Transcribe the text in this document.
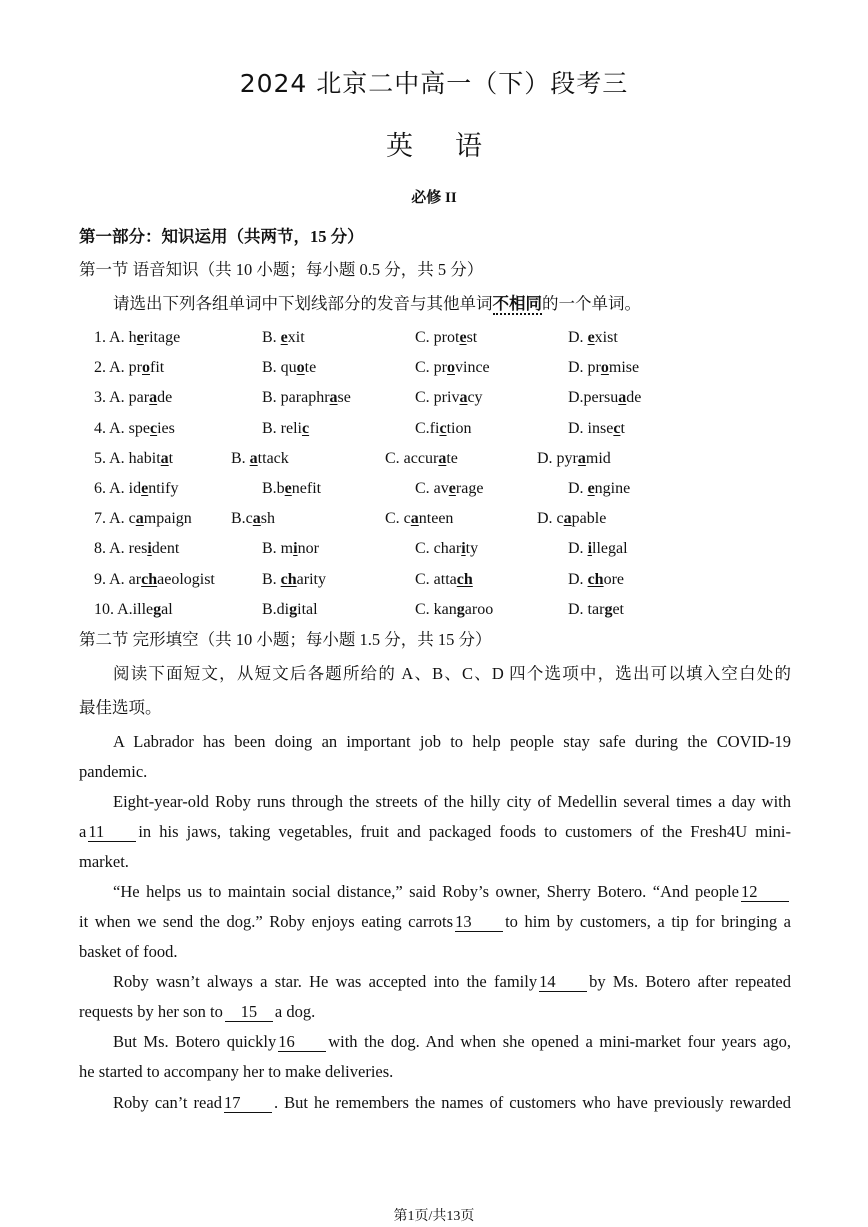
2024 北京二中高一（下）段考三
英语
必修 II
第一部分：知识运用（共两节，15 分）
第一节 语音知识（共 10 小题；每小题 0.5 分，共 5 分）
请选出下列各组单词中下划线部分的发音与其他单词不相同的一个单词。
1. A. heritage	B. exit	C. protest	D. exist
2. A. profit	B. quote	C. province	D. promise
3. A. parade	B. paraphrase	C. privacy	D.persuade
4. A. species	B. relic	C.fiction	D. insect
5. A. habitat	B. attack	C. accurate	D. pyramid
6. A. identify	B.benefit	C. average	D. engine
7. A. campaign B.cash	C. canteen	D. capable
8. A. resident	B. minor	C. charity	D. illegal
9. A. archaeologist	B. charity	C. attach	D. chore
10. A.illegal	B.digital	C. kangaroo	D. target
第二节 完形填空（共 10 小题；每小题 1.5 分，共 15 分）
阅读下面短文，从短文后各题所给的 A、B、C、D 四个选项中，选出可以填入空白处的
最佳选项。
A Labrador has been doing an important job to help people stay safe during the COVID-19
pandemic.
Eight-year-old Roby runs through the streets of the hilly city of Medellin several times a day with
a 11 in his jaws, taking vegetables, fruit and packaged foods to customers of the Fresh4U mini-
market.
“He helps us to maintain social distance,” said Roby’s owner, Sherry Botero. “And people 12
it when we send the dog.” Roby enjoys eating carrots 13 to him by customers, a tip for bringing a
basket of food.
Roby wasn’t always a star. He was accepted into the family 14 by Ms. Botero after repeated
requests by her son to 15 a dog.
But Ms. Botero quickly 16 with the dog. And when she opened a mini-market four years ago,
he started to accompany her to make deliveries.
Roby can’t read 17 . But he remembers the names of customers who have previously rewarded
第1页/共13页
